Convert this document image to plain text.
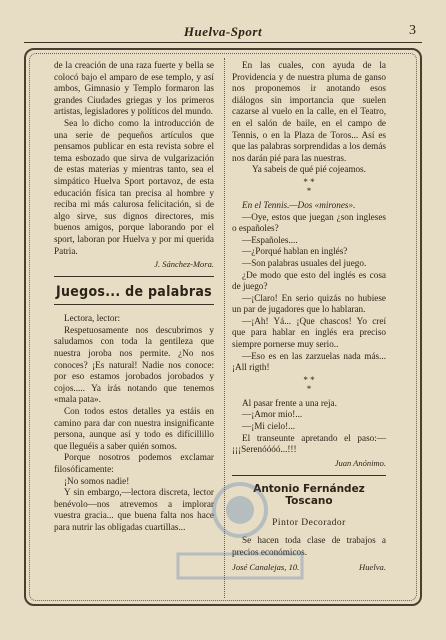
Huelva-Sport	3

de la creación de una raza fuerte y bella se colocó bajo el amparo de ese templo, y así ambos, Gimnasio y Templo formaron las grandes Ciudades griegas y los primeros artistas, legisladores y políticos del mundo.

Sea lo dicho como la introducción de una serie de pequeños artículos que pensamos publicar en esta revista sobre el tema esbozado que sirva de vulgarización de estas materias y mientras tanto, sea el simpático Huelva Sport portavoz, de esta educación física tan precisa al hombre y reciba mi más calurosa felicitación, si de algo sirve, sus dignos directores, mis buenos amigos, porque laborando por el sport, laboran por Huelva y por mi querida Patria.

J. Sánchez-Mora.
Juegos... de palabras

Lectora, lector:

Respetuosamente nos descubrimos y saludamos con toda la gentileza que nuestra joroba nos permite. ¿No nos conoces? ¡Es natural! Nadie nos conoce: por eso estamos jorobados jorobados y cojos..... Ya irás notando que tenemos «mala pata».

Con todos estos detalles ya estáis en camino para dar con nuestra insignificante persona, aunque así y todo es difícillillo que lleguéis a saber quién somos.

Porque nosotros podemos exclamar filosóficamente:

¡No somos nadie!

Y sin embargo,—lectora discreta, lector benévolo—nos atrevemos a implorar vuestra gracia... que buena falta nos hace para nutrir las obligadas cuartillas...

En las cuales, con ayuda de la Providencia y de nuestra pluma de ganso nos proponemos ir anotando esos diálogos sin importancia que suelen cazarse al vuelo en la calle, en el Teatro, en el salón de baile, en el campo de Tennis, o en la Plaza de Toros... Así es que las palabras sorprendidas a los demás nos darán pié para las nuestras.

Ya sabeis de qué pié cojeamos.

* *
*

En el Tennis.—Dos «mirones».

—Oye, estos que juegan ¿son ingleses o españoles?

—Españoles....

—¿Porqué hablan en inglés?

—Son palabras usuales del juego.

¿De modo que esto del inglés es cosa de juego?

—¡Claro! En serio quizás no hubiese un par de jugadores que lo hablaran.

—¡Ah! Yá... ¡Que chascos! Yo creí que para hablar en inglés era preciso siempre pornerse muy serio..

—Eso es en las zarzuelas nada más... ¡All rigth!

* *
*

Al pasar frente a una reja.

—¡Amor mio!...

—¡Mi cielo!...

El transeunte apretando el paso:—¡¡¡Serenóóóó...!!!

Juan Anónimo.
Antonio Fernández Toscano
Pintor Decorador

Se hacen toda clase de trabajos a precios económicos.

José Canalejas, 10.	Huelva.
